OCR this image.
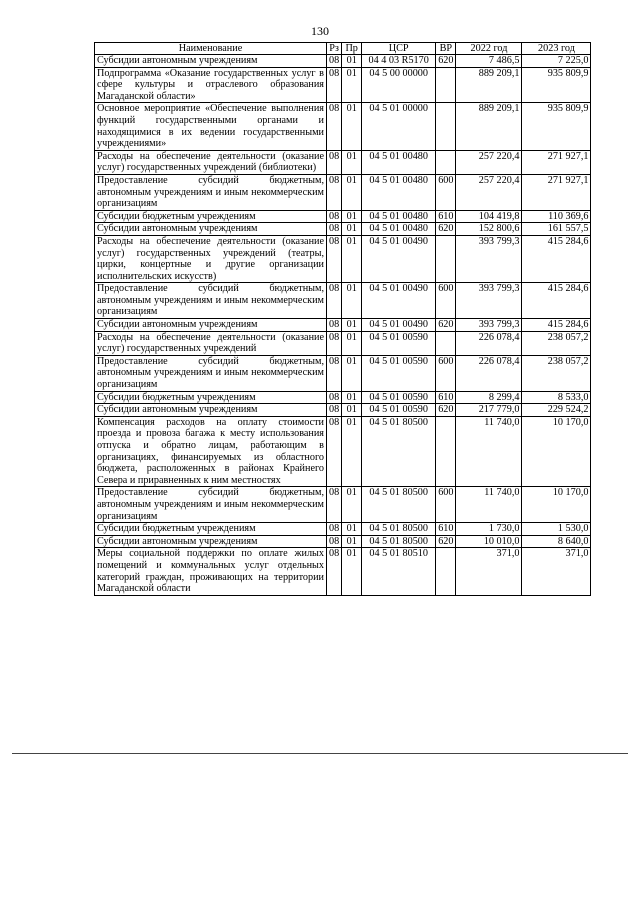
130
Наименование	Рз	Пр	ЦСР	ВР	2022 год	2023 год
Субсидии автономным учреждениям	08	01	04 4 03 R5170	620	7 486,5	7 225,0
Подпрограмма «Оказание государственных услуг в сфере культуры и отраслевого образования Магаданской области»	08	01	04 5 00 00000		889 209,1	935 809,9
Основное мероприятие «Обеспечение выполнения функций государственными органами и находящимися в их ведении государственными учреждениями»	08	01	04 5 01 00000		889 209,1	935 809,9
Расходы на обеспечение деятельности (оказание услуг) государственных учреждений (библиотеки)	08	01	04 5 01 00480		257 220,4	271 927,1
Предоставление субсидий бюджетным, автономным учреждениям и иным некоммерческим организациям	08	01	04 5 01 00480	600	257 220,4	271 927,1
Субсидии бюджетным учреждениям	08	01	04 5 01 00480	610	104 419,8	110 369,6
Субсидии автономным учреждениям	08	01	04 5 01 00480	620	152 800,6	161 557,5
Расходы на обеспечение деятельности (оказание услуг) государственных учреждений (театры, цирки, концертные и другие организации исполнительских искусств)	08	01	04 5 01 00490		393 799,3	415 284,6
Предоставление субсидий бюджетным, автономным учреждениям и иным некоммерческим организациям	08	01	04 5 01 00490	600	393 799,3	415 284,6
Субсидии автономным учреждениям	08	01	04 5 01 00490	620	393 799,3	415 284,6
Расходы на обеспечение деятельности (оказание услуг) государственных учреждений	08	01	04 5 01 00590		226 078,4	238 057,2
Предоставление субсидий бюджетным, автономным учреждениям и иным некоммерческим организациям	08	01	04 5 01 00590	600	226 078,4	238 057,2
Субсидии бюджетным учреждениям	08	01	04 5 01 00590	610	8 299,4	8 533,0
Субсидии автономным учреждениям	08	01	04 5 01 00590	620	217 779,0	229 524,2
Компенсация расходов на оплату стоимости проезда и провоза багажа к месту использования отпуска и обратно лицам, работающим в организациях, финансируемых из областного бюджета, расположенных в районах Крайнего Севера и приравненных к ним местностях	08	01	04 5 01 80500		11 740,0	10 170,0
Предоставление субсидий бюджетным, автономным учреждениям и иным некоммерческим организациям	08	01	04 5 01 80500	600	11 740,0	10 170,0
Субсидии бюджетным учреждениям	08	01	04 5 01 80500	610	1 730,0	1 530,0
Субсидии автономным учреждениям	08	01	04 5 01 80500	620	10 010,0	8 640,0
Меры социальной поддержки по оплате жилых помещений и коммунальных услуг отдельных категорий граждан, проживающих на территории Магаданской области	08	01	04 5 01 80510		371,0	371,0
